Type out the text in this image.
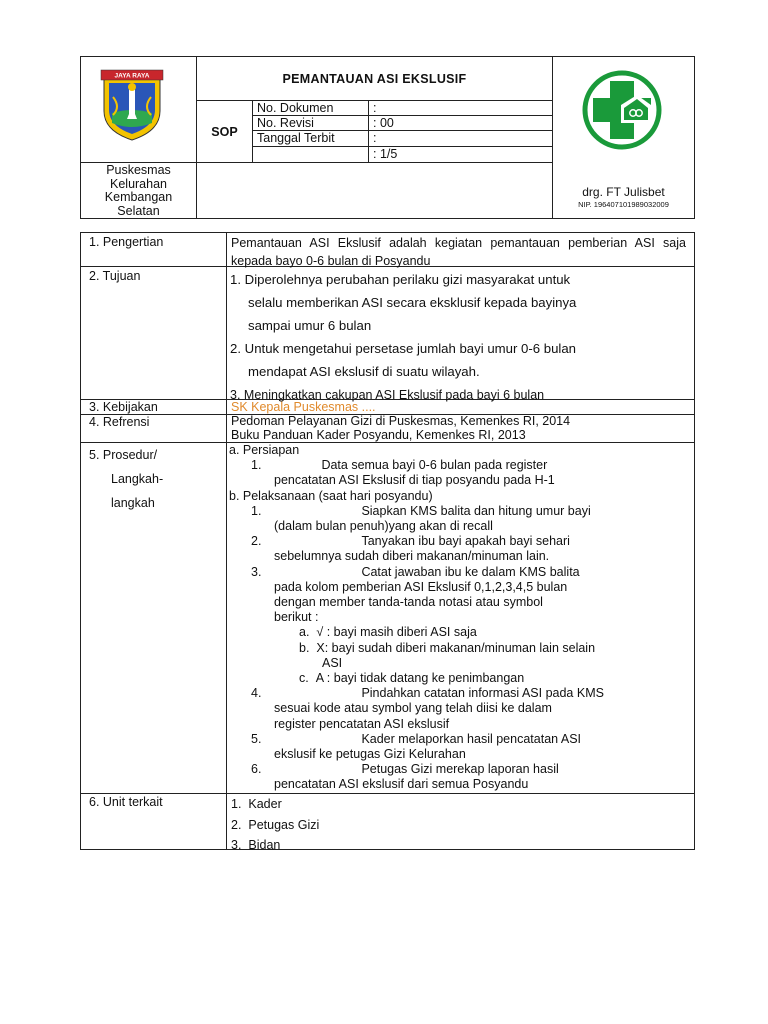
JAYA RAYA	PEMANTAUAN ASI EKSLUSIF
SOP
No. Dokumen	:
No. Revisi	: 00
Tanggal Terbit	:
: 1/5
Puskesmas
Kelurahan
Kembangan
Selatan
drg. FT Julisbet
NIP. 196407101989032009
1. Pengertian	Pemantauan ASI Ekslusif adalah kegiatan pemantauan pemberian ASI saja kepada bayo 0-6 bulan di Posyandu
2. Tujuan	1. Diperolehnya perubahan perilaku gizi masyarakat untuk
selalu memberikan ASI secara eksklusif kepada bayinya
sampai umur 6 bulan
2. Untuk mengetahui persetase jumlah bayi umur 0-6 bulan
mendapat ASI ekslusif di suatu wilayah.
3. Meningkatkan cakupan ASI Ekslusif pada bayi 6 bulan
3. Kebijakan	SK Kepala Puskesmas ....
4. Refrensi	Pedoman Pelayanan Gizi di Puskesmas, Kemenkes RI, 2014
Buku Panduan Kader Posyandu, Kemenkes RI, 2013
5. Prosedur/
Langkah-
langkah
a. Persiapan
1.	Data semua bayi 0-6 bulan pada register
pencatatan ASI Ekslusif di tiap posyandu pada H-1
b. Pelaksanaan (saat hari posyandu)
1.	Siapkan KMS balita dan hitung umur bayi
(dalam bulan penuh)yang akan di recall
2.	Tanyakan ibu bayi apakah bayi sehari
sebelumnya sudah diberi makanan/minuman lain.
3.	Catat jawaban ibu ke dalam KMS balita
pada kolom pemberian ASI Ekslusif 0,1,2,3,4,5 bulan
dengan member tanda-tanda notasi atau symbol
berikut :
a. √ : bayi masih diberi ASI saja
b. X: bayi sudah diberi makanan/minuman lain selain
ASI
c. A : bayi tidak datang ke penimbangan
4.	Pindahkan catatan informasi ASI pada KMS
sesuai kode atau symbol yang telah diisi ke dalam
register pencatatan ASI ekslusif
5.	Kader melaporkan hasil pencatatan ASI
ekslusif ke petugas Gizi Kelurahan
6.	Petugas Gizi merekap laporan hasil
pencatatan ASI ekslusif dari semua Posyandu
6. Unit terkait	1. Kader
2. Petugas Gizi
3. Bidan
